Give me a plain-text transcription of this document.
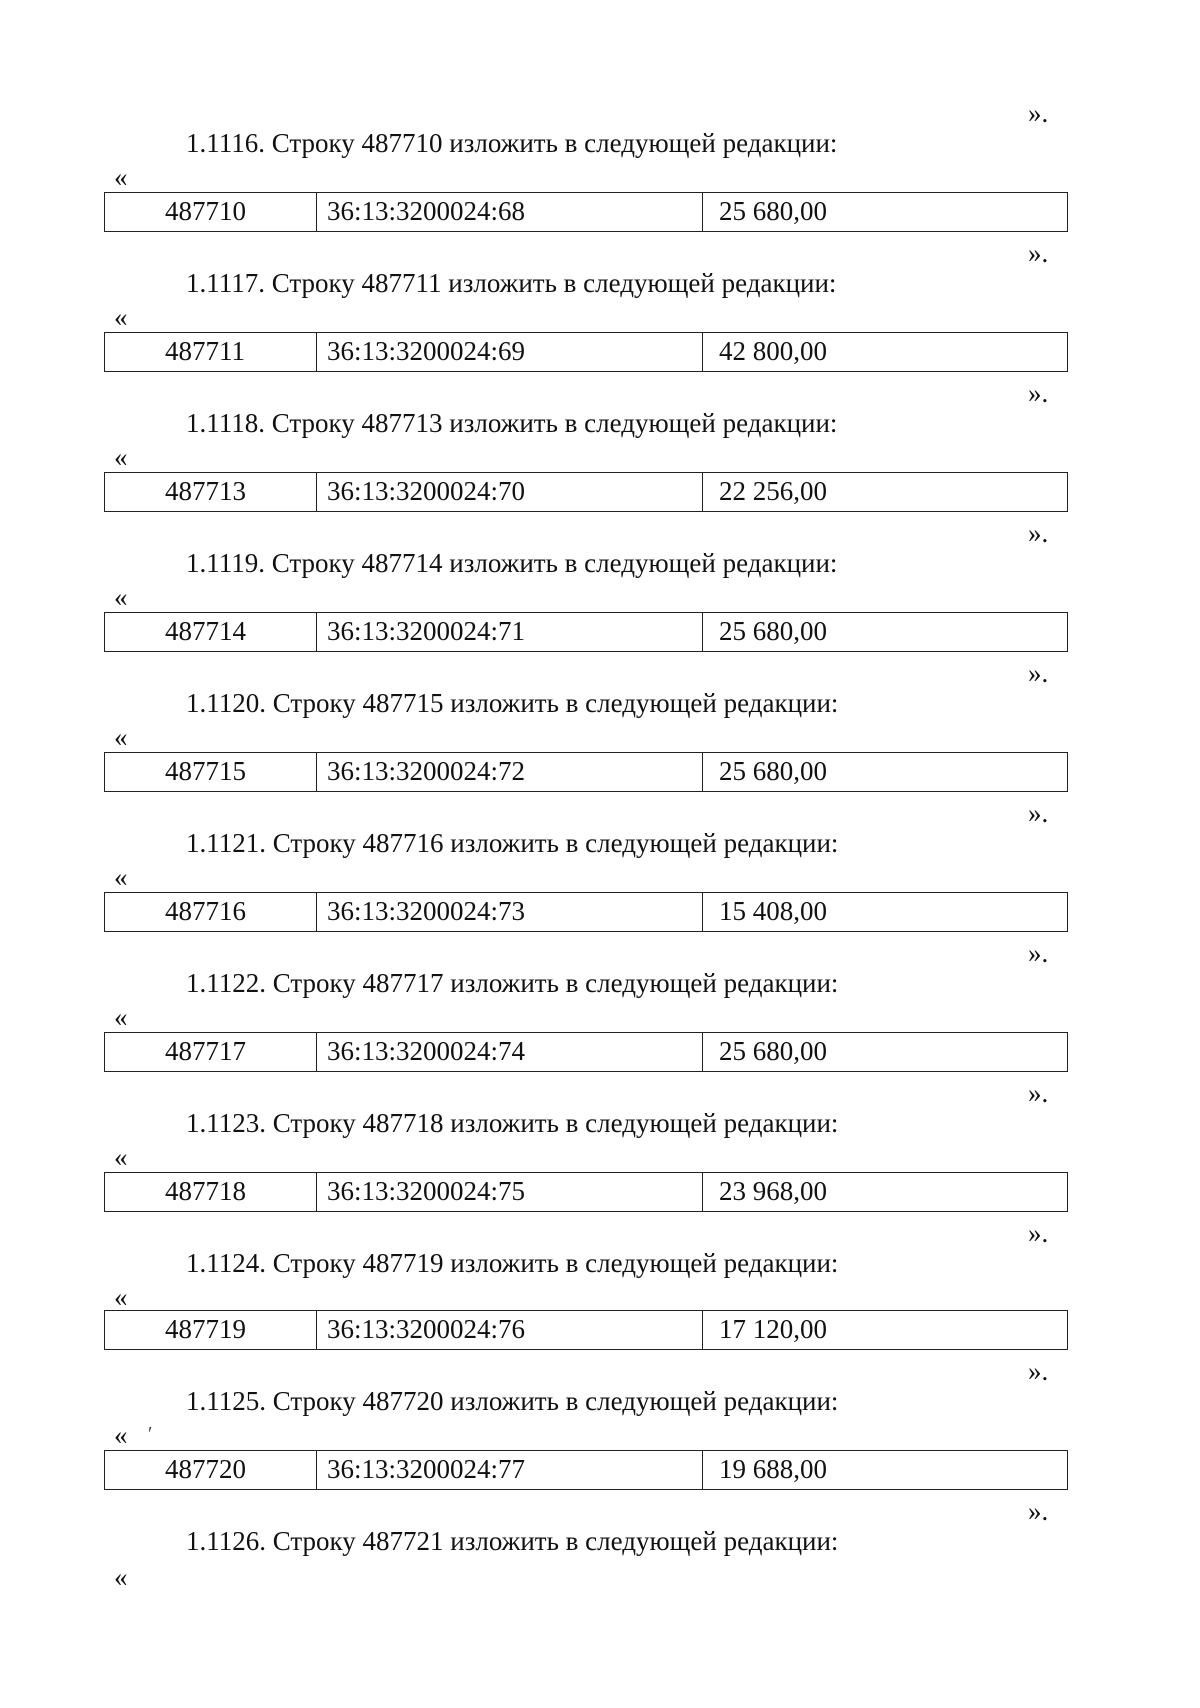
».
1.1116. Строку 487710 изложить в следующей редакции:
«
487710	36:13:3200024:68	25 680,00
».
1.1117. Строку 487711 изложить в следующей редакции:
«
487711	36:13:3200024:69	42 800,00
».
1.1118. Строку 487713 изложить в следующей редакции:
«
487713	36:13:3200024:70	22 256,00
».
1.1119. Строку 487714 изложить в следующей редакции:
«
487714	36:13:3200024:71	25 680,00
».
1.1120. Строку 487715 изложить в следующей редакции:
«
487715	36:13:3200024:72	25 680,00
».
1.1121. Строку 487716 изложить в следующей редакции:
«
487716	36:13:3200024:73	15 408,00
».
1.1122. Строку 487717 изложить в следующей редакции:
«
487717	36:13:3200024:74	25 680,00
».
1.1123. Строку 487718 изложить в следующей редакции:
«
487718	36:13:3200024:75	23 968,00
».
1.1124. Строку 487719 изложить в следующей редакции:
«
487719	36:13:3200024:76	17 120,00
».
1.1125. Строку 487720 изложить в следующей редакции:
« ′
487720	36:13:3200024:77	19 688,00
».
1.1126. Строку 487721 изложить в следующей редакции:
«
